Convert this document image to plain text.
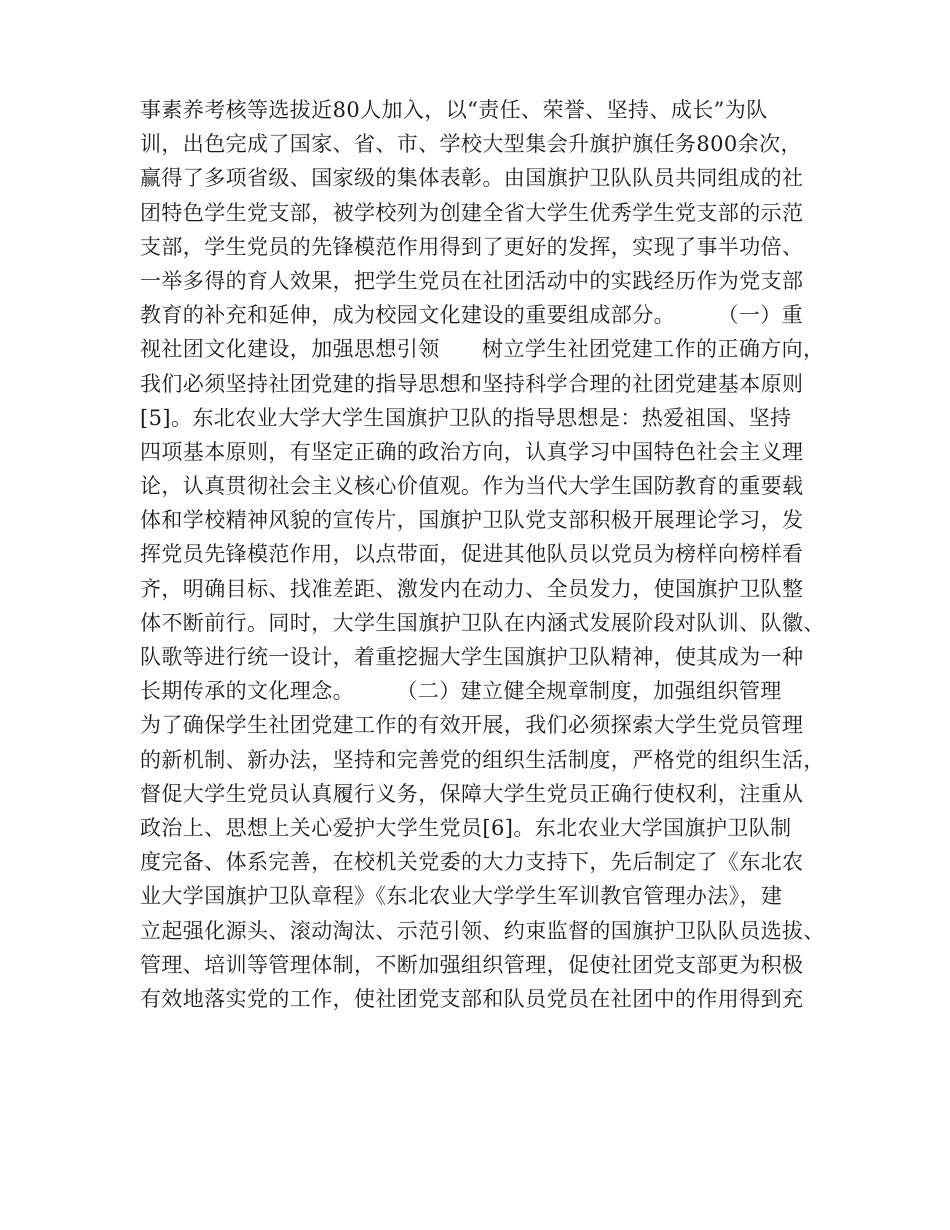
事素养考核等选拔近80人加入，以“责任、荣誉、坚持、成长”为队
训，出色完成了国家、省、市、学校大型集会升旗护旗任务800余次，
赢得了多项省级、国家级的集体表彰。由国旗护卫队队员共同组成的社
团特色学生党支部，被学校列为创建全省大学生优秀学生党支部的示范
支部，学生党员的先锋模范作用得到了更好的发挥，实现了事半功倍、
一举多得的育人效果，把学生党员在社团活动中的实践经历作为党支部
教育的补充和延伸，成为校园文化建设的重要组成部分。      （一）重
视社团文化建设，加强思想引领      树立学生社团党建工作的正确方向，
我们必须坚持社团党建的指导思想和坚持科学合理的社团党建基本原则
[5]。东北农业大学大学生国旗护卫队的指导思想是：热爱祖国、坚持
四项基本原则，有坚定正确的政治方向，认真学习中国特色社会主义理
论，认真贯彻社会主义核心价值观。作为当代大学生国防教育的重要载
体和学校精神风貌的宣传片，国旗护卫队党支部积极开展理论学习，发
挥党员先锋模范作用，以点带面，促进其他队员以党员为榜样向榜样看
齐，明确目标、找准差距、激发内在动力、全员发力，使国旗护卫队整
体不断前行。同时，大学生国旗护卫队在内涵式发展阶段对队训、队徽、
队歌等进行统一设计，着重挖掘大学生国旗护卫队精神，使其成为一种
长期传承的文化理念。      （二）建立健全规章制度，加强组织管理
为了确保学生社团党建工作的有效开展，我们必须探索大学生党员管理
的新机制、新办法，坚持和完善党的组织生活制度，严格党的组织生活，
督促大学生党员认真履行义务，保障大学生党员正确行使权利，注重从
政治上、思想上关心爱护大学生党员[6]。东北农业大学国旗护卫队制
度完备、体系完善，在校机关党委的大力支持下，先后制定了《东北农
业大学国旗护卫队章程》《东北农业大学学生军训教官管理办法》，建
立起强化源头、滚动淘汰、示范引领、约束监督的国旗护卫队队员选拔、
管理、培训等管理体制，不断加强组织管理，促使社团党支部更为积极
有效地落实党的工作，使社团党支部和队员党员在社团中的作用得到充
